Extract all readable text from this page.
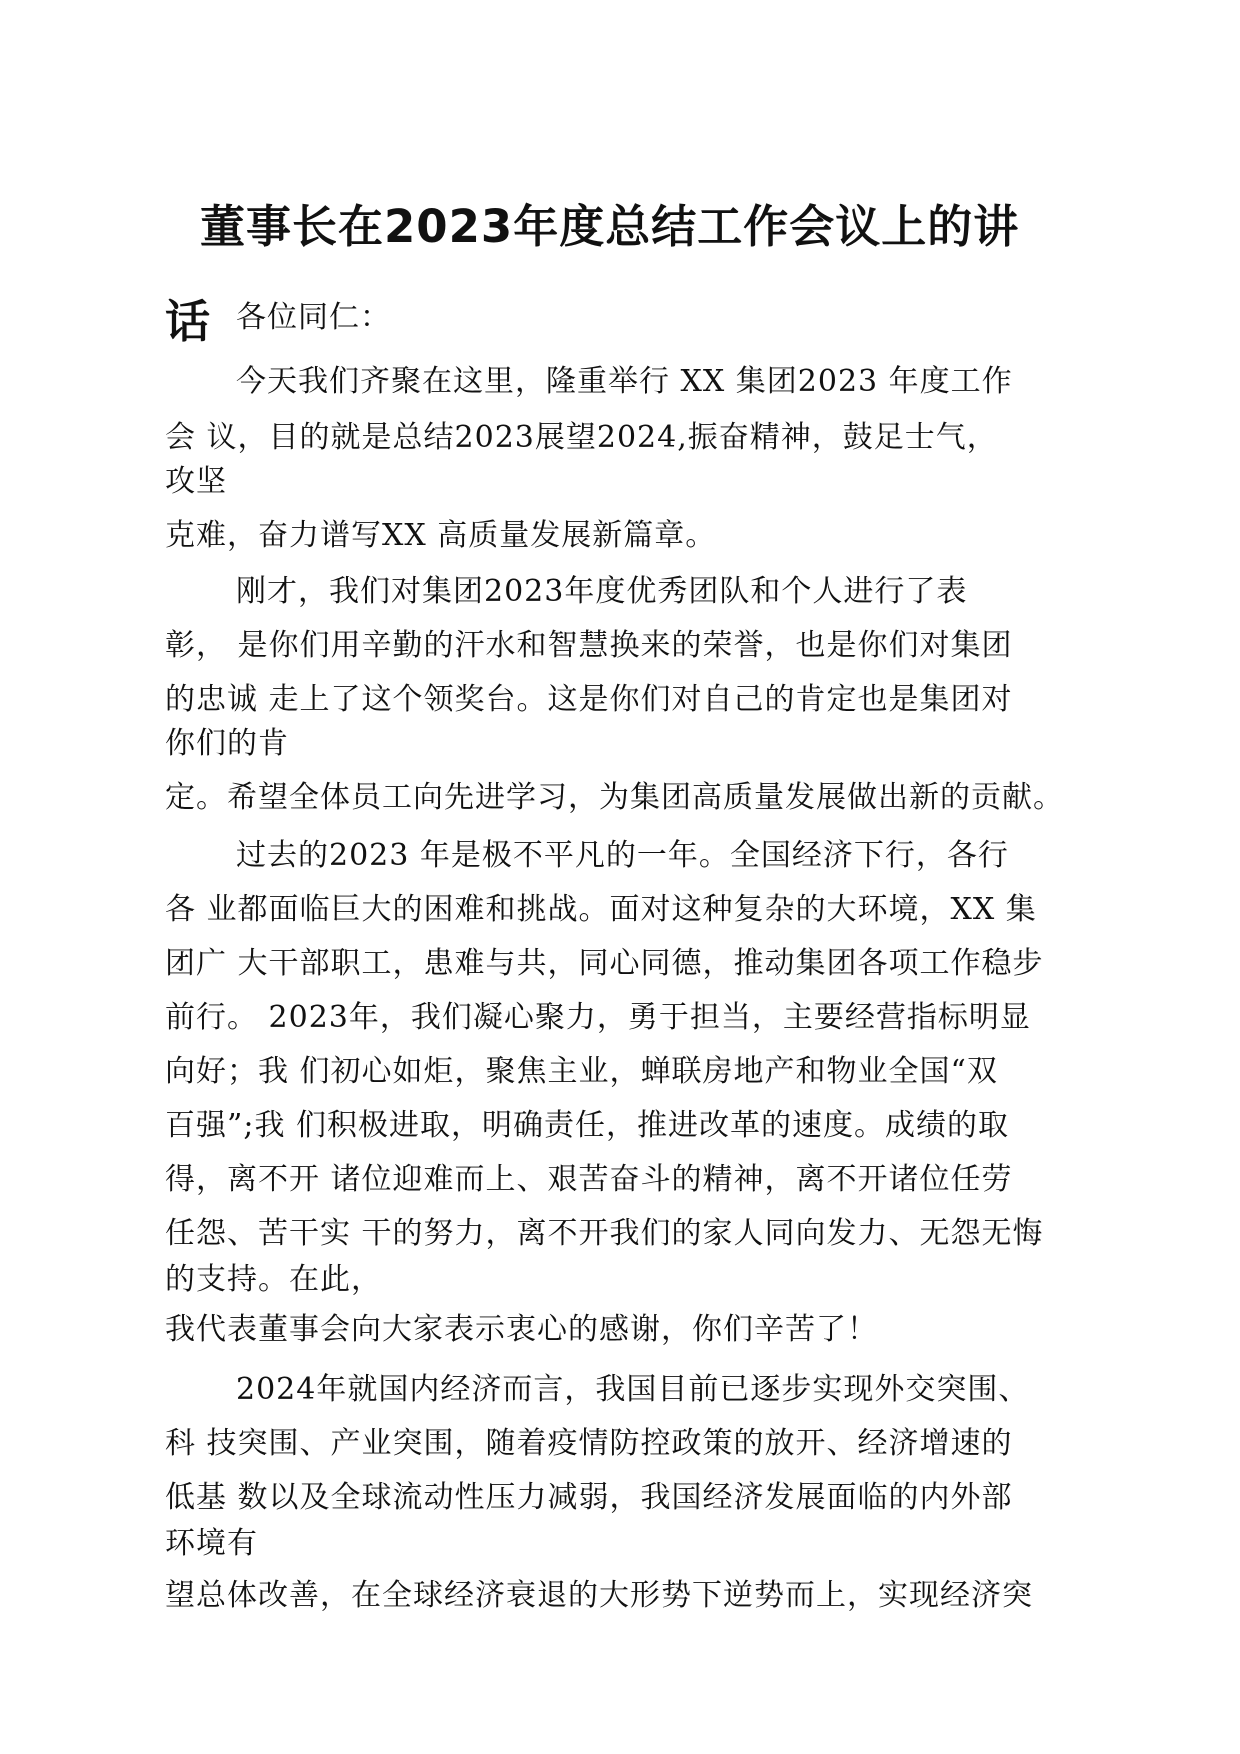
董事长在2023年度总结工作会议上的讲
话 各位同仁：
今天我们齐聚在这里，隆重举行 XX 集团2023 年度工作
会 议，目的就是总结2023展望2024,振奋精神，鼓足士气，
攻坚
克难，奋力谱写XX 高质量发展新篇章。
刚才，我们对集团2023年度优秀团队和个人进行了表
彰， 是你们用辛勤的汗水和智慧换来的荣誉，也是你们对集团
的忠诚 走上了这个领奖台。这是你们对自己的肯定也是集团对
你们的肯
定。希望全体员工向先进学习，为集团高质量发展做出新的贡献。
过去的2023 年是极不平凡的一年。全国经济下行，各行
各 业都面临巨大的困难和挑战。面对这种复杂的大环境，XX 集
团广 大干部职工，患难与共，同心同德，推动集团各项工作稳步
前行。 2023年，我们凝心聚力，勇于担当，主要经营指标明显
向好；我 们初心如炬，聚焦主业，蝉联房地产和物业全国“双
百强”;我 们积极进取，明确责任，推进改革的速度。成绩的取
得，离不开 诸位迎难而上、艰苦奋斗的精神，离不开诸位任劳
任怨、苦干实 干的努力，离不开我们的家人同向发力、无怨无悔
的支持。在此，
我代表董事会向大家表示衷心的感谢，你们辛苦了！
2024年就国内经济而言，我国目前已逐步实现外交突围、
科 技突围、产业突围，随着疫情防控政策的放开、经济增速的
低基 数以及全球流动性压力减弱，我国经济发展面临的内外部
环境有
望总体改善，在全球经济衰退的大形势下逆势而上，实现经济突
